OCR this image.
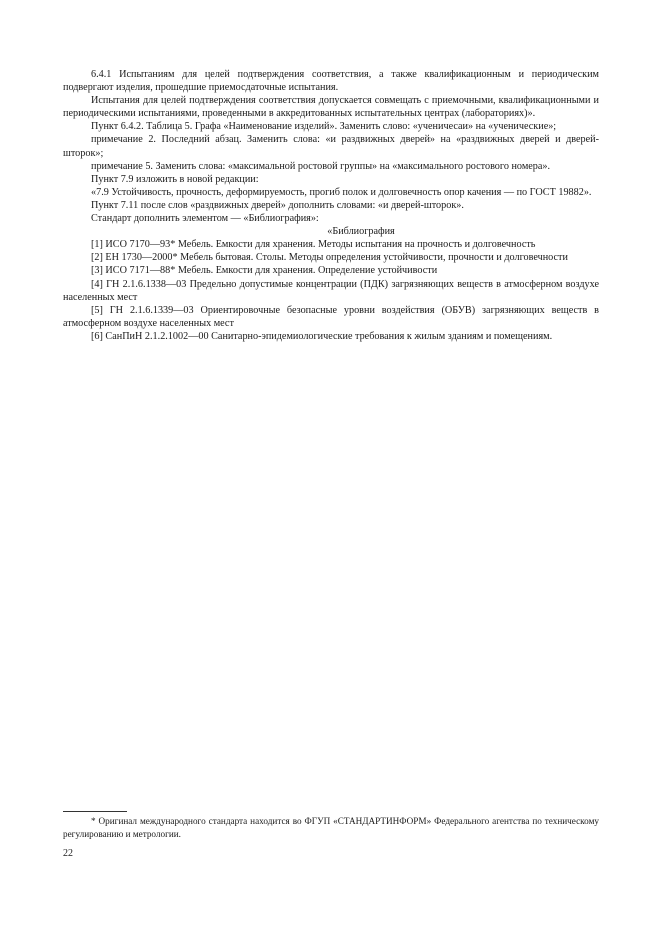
6.4.1 Испытаниям для целей подтверждения соответствия, а также квалификационным и периодическим подвергают изделия, прошедшие приемосдаточные испытания.

Испытания для целей подтверждения соответствия допускается совмещать с приемочными, квалификационными и периодическими испытаниями, проведенными в аккредитованных испытательных центрах (лабораториях)».

Пункт 6.4.2. Таблица 5. Графа «Наименование изделий». Заменить слово: «ученичесаи» на «ученические»;

примечание 2. Последний абзац. Заменить слова: «и раздвижных дверей» на «раздвижных дверей и дверей-шторок»;

примечание 5. Заменить слова: «максимальной ростовой группы» на «максимального ростового номера».

Пункт 7.9 изложить в новой редакции:

«7.9 Устойчивость, прочность, деформируемость, прогиб полок и долговечность опор качения — по ГОСТ 19882».

Пункт 7.11 после слов «раздвижных дверей» дополнить словами: «и дверей-шторок».

Стандарт дополнить элементом — «Библиография»:

«Библиография

[1] ИСО 7170—93* Мебель. Емкости для хранения. Методы испытания на прочность и долговечность

[2] ЕН 1730—2000* Мебель бытовая. Столы. Методы определения устойчивости, прочности и долговечности

[3] ИСО 7171—88* Мебель. Емкости для хранения. Определение устойчивости

[4] ГН 2.1.6.1338—03 Предельно допустимые концентрации (ПДК) загрязняющих веществ в атмосферном воздухе населенных мест

[5] ГН 2.1.6.1339—03 Ориентировочные безопасные уровни воздействия (ОБУВ) загрязняющих веществ в атмосферном воздухе населенных мест

[6] СанПиН 2.1.2.1002—00 Санитарно-эпидемиологические требования к жилым зданиям и помещениям.

* Оригинал международного стандарта находится во ФГУП «СТАНДАРТИНФОРМ» Федерального агентства по техническому регулированию и метрологии.

22
